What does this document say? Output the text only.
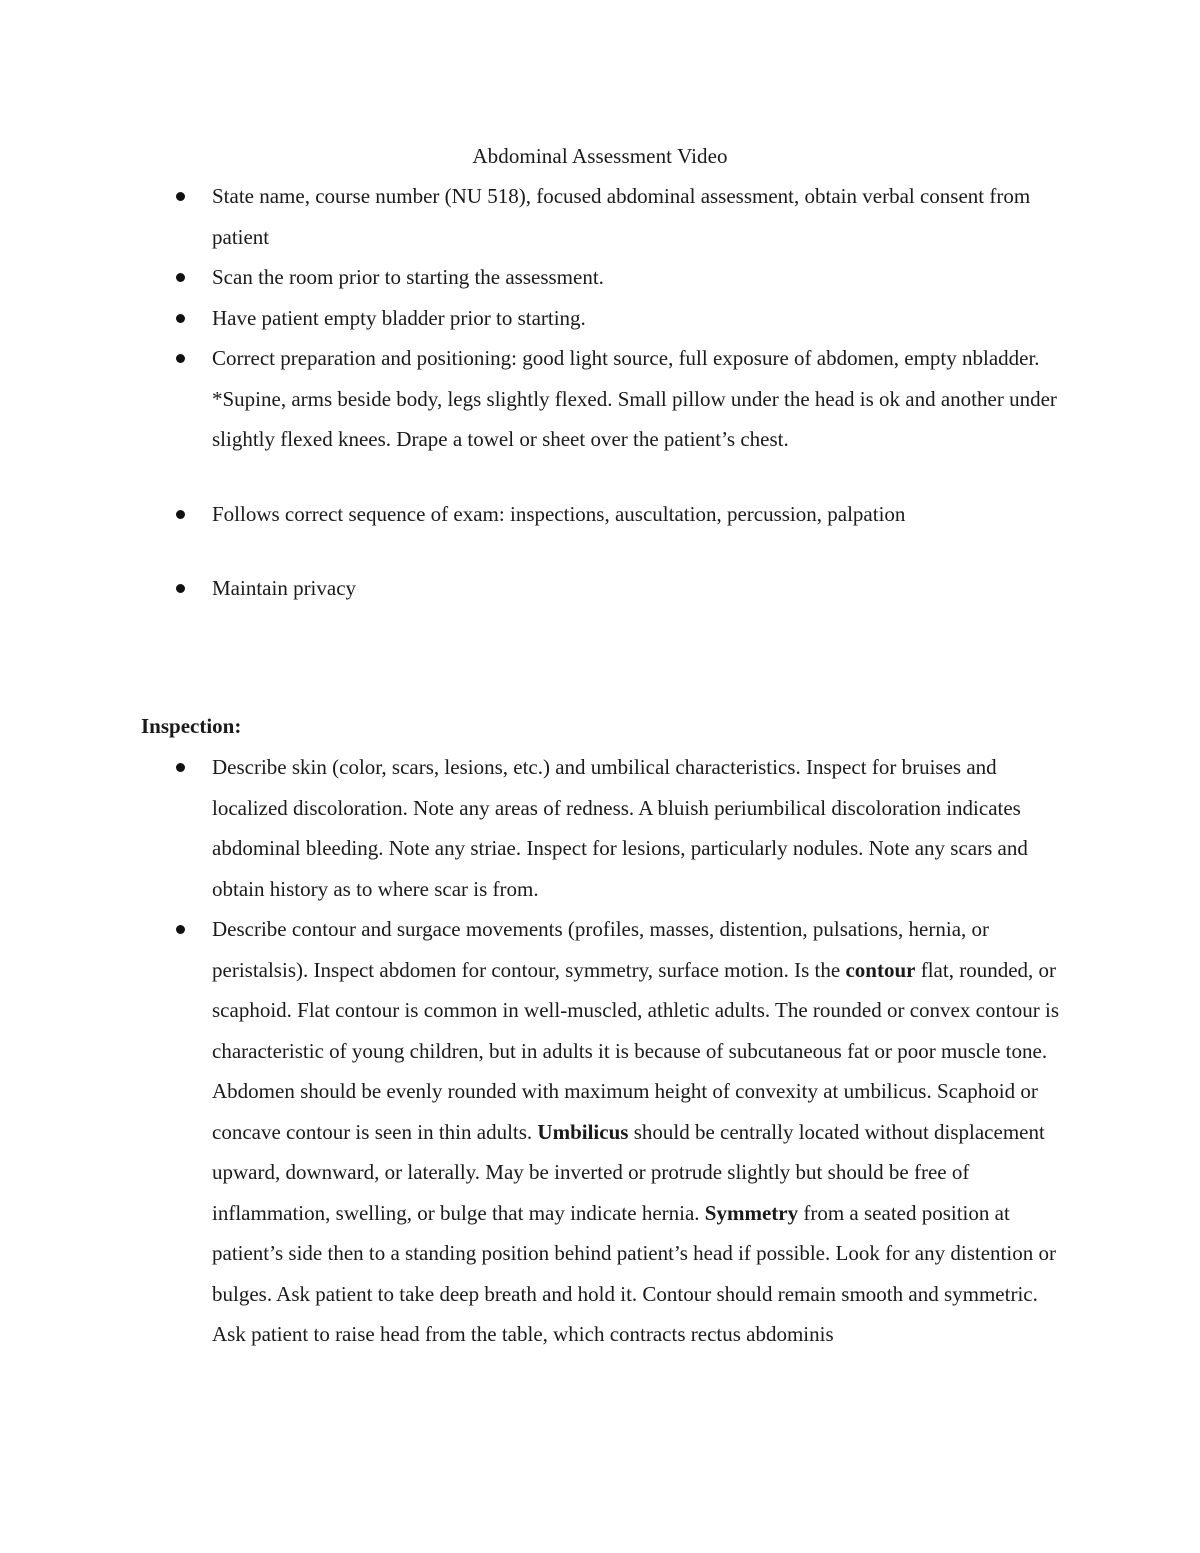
Abdominal Assessment Video
State name, course number (NU 518), focused abdominal assessment, obtain verbal consent from patient
Scan the room prior to starting the assessment.
Have patient empty bladder prior to starting.
Correct preparation and positioning: good light source, full exposure of abdomen, empty nbladder. *Supine, arms beside body, legs slightly flexed. Small pillow under the head is ok and another under slightly flexed knees. Drape a towel or sheet over the patient’s chest.
Follows correct sequence of exam: inspections, auscultation, percussion, palpation
Maintain privacy
Inspection:
Describe skin (color, scars, lesions, etc.) and umbilical characteristics. Inspect for bruises and localized discoloration. Note any areas of redness. A bluish periumbilical discoloration indicates abdominal bleeding. Note any striae. Inspect for lesions, particularly nodules. Note any scars and obtain history as to where scar is from.
Describe contour and surgace movements (profiles, masses, distention, pulsations, hernia, or peristalsis). Inspect abdomen for contour, symmetry, surface motion. Is the contour flat, rounded, or scaphoid. Flat contour is common in well-muscled, athletic adults. The rounded or convex contour is characteristic of young children, but in adults it is because of subcutaneous fat or poor muscle tone. Abdomen should be evenly rounded with maximum height of convexity at umbilicus. Scaphoid or concave contour is seen in thin adults. Umbilicus should be centrally located without displacement upward, downward, or laterally. May be inverted or protrude slightly but should be free of inflammation, swelling, or bulge that may indicate hernia. Symmetry from a seated position at patient’s side then to a standing position behind patient’s head if possible. Look for any distention or bulges. Ask patient to take deep breath and hold it. Contour should remain smooth and symmetric. Ask patient to raise head from the table, which contracts rectus abdominis
